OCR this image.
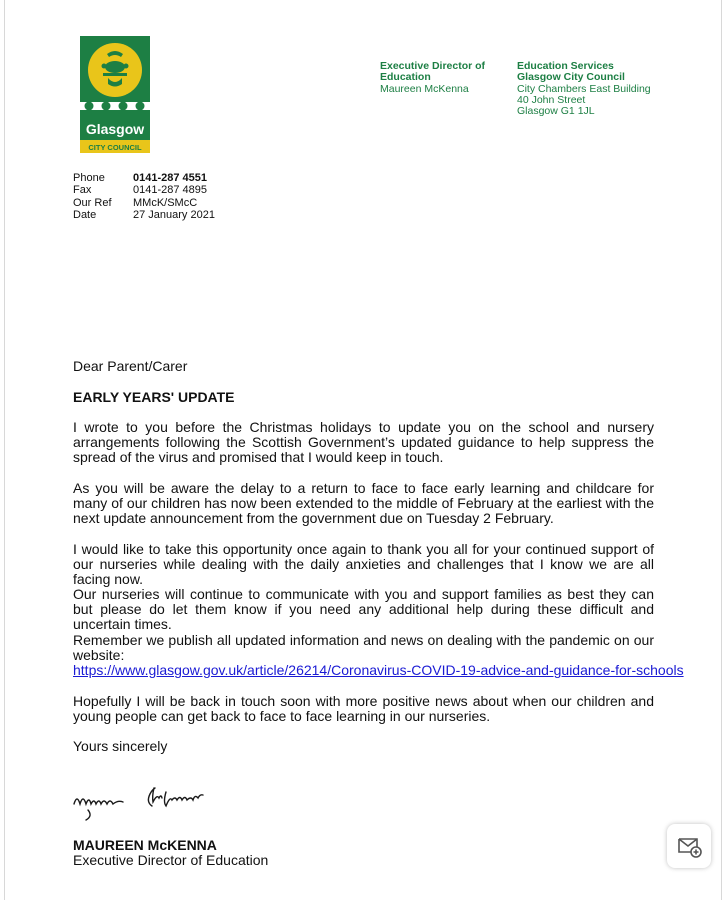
Glasgow
CITY COUNCIL
Executive Director of
Education
Maureen McKenna
Education Services
Glasgow City Council
City Chambers East Building
40 John Street
Glasgow G1 1JL
Phone	0141-287 4551
Fax	0141-287 4895
Our Ref	MMcK/SMcC
Date	27 January 2021
Dear Parent/Carer
EARLY YEARS' UPDATE

I wrote to you before the Christmas holidays to update you on the school and nursery arrangements following the Scottish Government’s updated guidance to help suppress the spread of the virus and promised that I would keep in touch.

As you will be aware the delay to a return to face to face early learning and childcare for many of our children has now been extended to the middle of February at the earliest with the next update announcement from the government due on Tuesday 2 February.

I would like to take this opportunity once again to thank you all for your continued support of our nurseries while dealing with the daily anxieties and challenges that I know we are all facing now.

Our nurseries will continue to communicate with you and support families as best they can but please do let them know if you need any additional help during these difficult and uncertain times.

Remember we publish all updated information and news on dealing with the pandemic on our website:

https://www.glasgow.gov.uk/article/26214/Coronavirus-COVID-19-advice-and-guidance-for-schools

Hopefully I will be back in touch soon with more positive news about when our children and young people can get back to face to face learning in our nurseries.

Yours sincerely
MAUREEN McKENNA
Executive Director of Education
